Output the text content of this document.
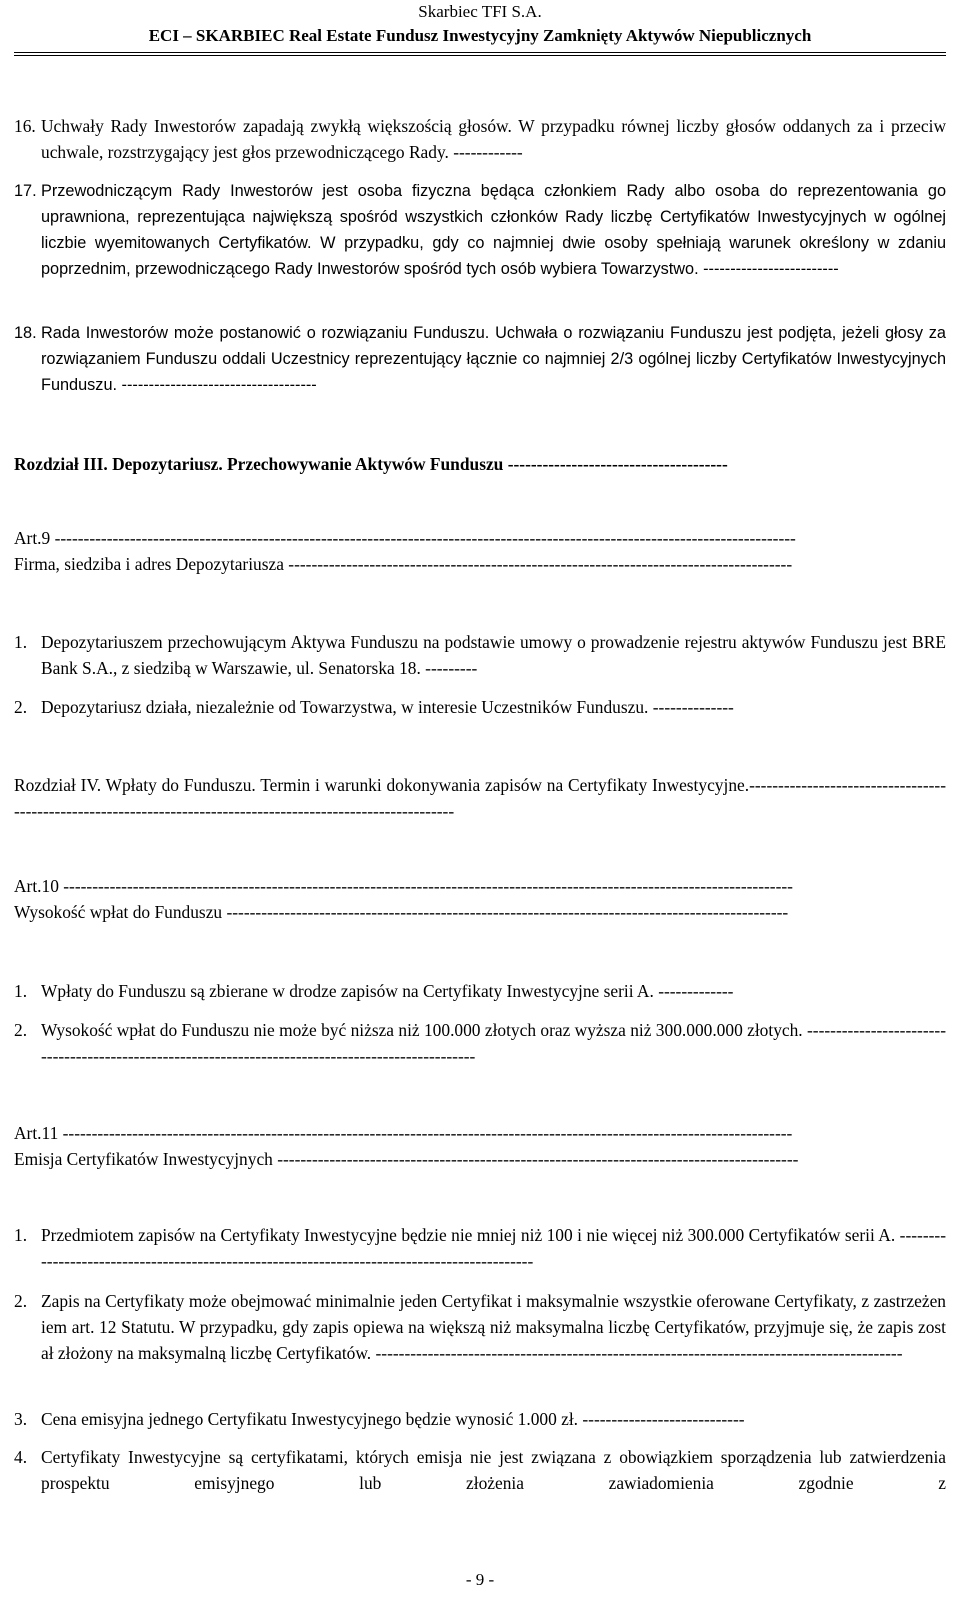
Skarbiec TFI S.A.
ECI – SKARBIEC Real Estate Fundusz Inwestycyjny Zamknięty Aktywów Niepublicznych
16. Uchwały Rady Inwestorów zapadają zwykłą większością głosów. W przypadku równej liczby głosów oddanych za i przeciw uchwale, rozstrzygający jest głos przewodniczącego Rady. ------------
17. Przewodniczącym Rady Inwestorów jest osoba fizyczna będąca członkiem Rady albo osoba do reprezentowania go uprawniona, reprezentująca największą spośród wszystkich członków Rady liczbę Certyfikatów Inwestycyjnych w ogólnej liczbie wyemitowanych Certyfikatów. W przypadku, gdy co najmniej dwie osoby spełniają warunek określony w zdaniu poprzednim, przewodniczącego Rady Inwestorów spośród tych osób wybiera Towarzystwo. -------------------------
18. Rada Inwestorów może postanowić o rozwiązaniu Funduszu. Uchwała o rozwiązaniu Funduszu jest podjęta, jeżeli głosy za rozwiązaniem Funduszu oddali Uczestnicy reprezentujący łącznie co najmniej 2/3 ogólnej liczby Certyfikatów Inwestycyjnych Funduszu. ------------------------------------
Rozdział III. Depozytariusz. Przechowywanie Aktywów Funduszu --------------------------------------
Art.9 --------------------------------------------------------------------------------------------------------------------------------
Firma, siedziba i adres Depozytariusza ---------------------------------------------------------------------------------------
1. Depozytariuszem przechowującym Aktywa Funduszu na podstawie umowy o prowadzenie rejestru aktywów Funduszu jest BRE Bank S.A., z siedzibą w Warszawie, ul. Senatorska 18. ---------
2. Depozytariusz działa, niezależnie od Towarzystwa, w interesie Uczestników Funduszu. --------------
Rozdział IV. Wpłaty do Funduszu. Termin i warunki dokonywania zapisów na Certyfikaty Inwestycyjne.--------------------------------------------------------------------------------------------------------------
Art.10 ------------------------------------------------------------------------------------------------------------------------------
Wysokość wpłat do Funduszu -------------------------------------------------------------------------------------------------
1. Wpłaty do Funduszu są zbierane w drodze zapisów na Certyfikaty Inwestycyjne serii A. -------------
2. Wysokość wpłat do Funduszu nie może być niższa niż 100.000 złotych oraz wyższa niż 300.000.000 złotych. ---------------------------------------------------------------------------------------------------
Art.11 ------------------------------------------------------------------------------------------------------------------------------
Emisja Certyfikatów Inwestycyjnych ------------------------------------------------------------------------------------------
1. Przedmiotem zapisów na Certyfikaty Inwestycyjne będzie nie mniej niż 100 i nie więcej niż 300.000 Certyfikatów serii A. ---------------------------------------------------------------------------------------------
2. Zapis na Certyfikaty może obejmować minimalnie jeden Certyfikat i maksymalnie wszystkie oferowane Certyfikaty, z zastrzeżeniem art. 12 Statutu. W przypadku, gdy zapis opiewa na większą niż maksymalna liczbę Certyfikatów, przyjmuje się, że zapis został złożony na maksymalną liczbę Certyfikatów. -------------------------------------------------------------------------------------------
3. Cena emisyjna jednego Certyfikatu Inwestycyjnego będzie wynosić 1.000 zł. ----------------------------
4. Certyfikaty Inwestycyjne są certyfikatami, których emisja nie jest związana z obowiązkiem sporządzenia lub zatwierdzenia prospektu emisyjnego lub złożenia zawiadomienia zgodnie z
- 9 -
